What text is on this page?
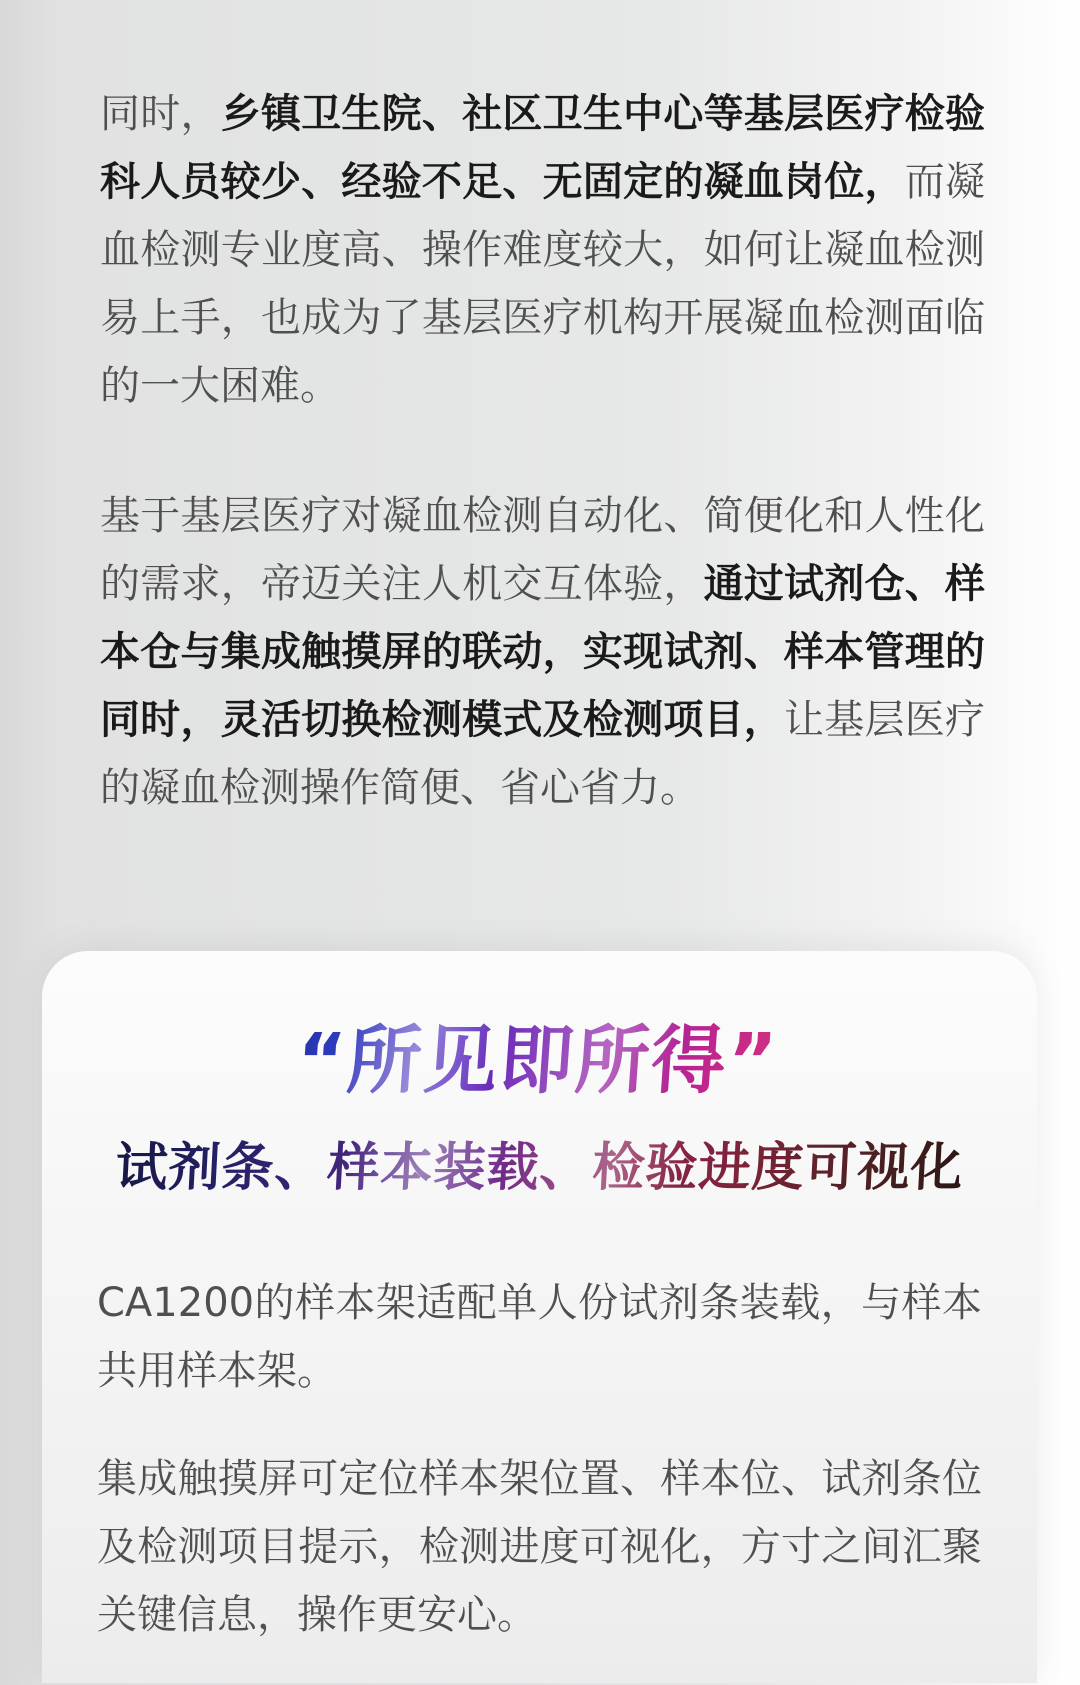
同时，乡镇卫生院、社区卫生中心等基层医疗检验科人员较少、经验不足、无固定的凝血岗位，而凝血检测专业度高、操作难度较大，如何让凝血检测易上手，也成为了基层医疗机构开展凝血检测面临的一大困难。

基于基层医疗对凝血检测自动化、简便化和人性化的需求，帝迈关注人机交互体验，通过试剂仓、样本仓与集成触摸屏的联动，实现试剂、样本管理的同时，灵活切换检测模式及检测项目，让基层医疗的凝血检测操作简便、省心省力。

“所见即所得”
试剂条、样本装载、检验进度可视化

CA1200的样本架适配单人份试剂条装载，与样本共用样本架。

集成触摸屏可定位样本架位置、样本位、试剂条位及检测项目提示，检测进度可视化，方寸之间汇聚关键信息，操作更安心。
